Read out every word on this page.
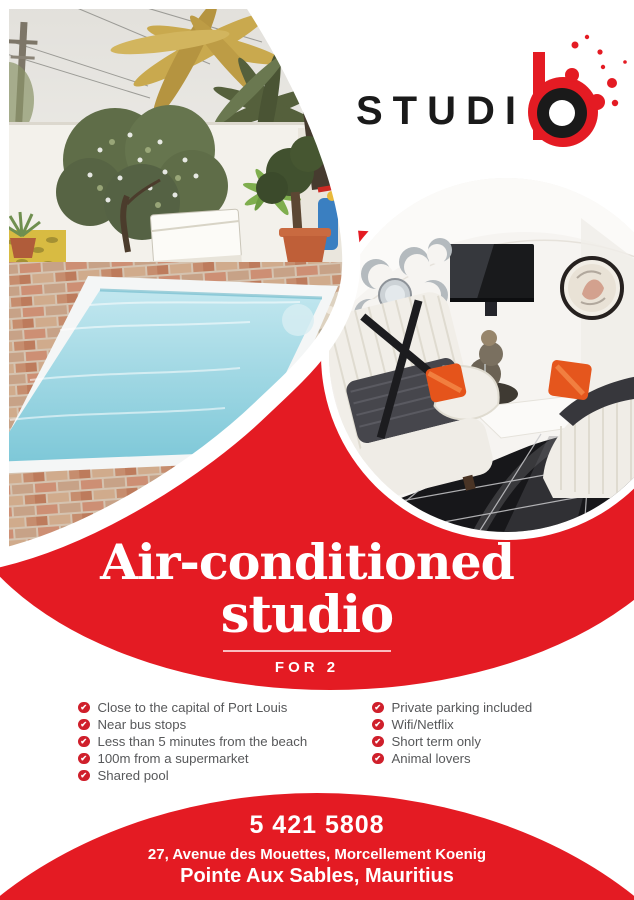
STUDI
Air-conditioned
studio
FOR 2
✔ Close to the capital of Port Louis
✔ Near bus stops
✔ Less than 5 minutes from the beach
✔ 100m from a supermarket
✔ Shared pool
✔ Private parking included
✔ Wifi/Netflix
✔ Short term only
✔ Animal lovers
5 421 5808
27, Avenue des Mouettes, Morcellement Koenig
Pointe Aux Sables, Mauritius
